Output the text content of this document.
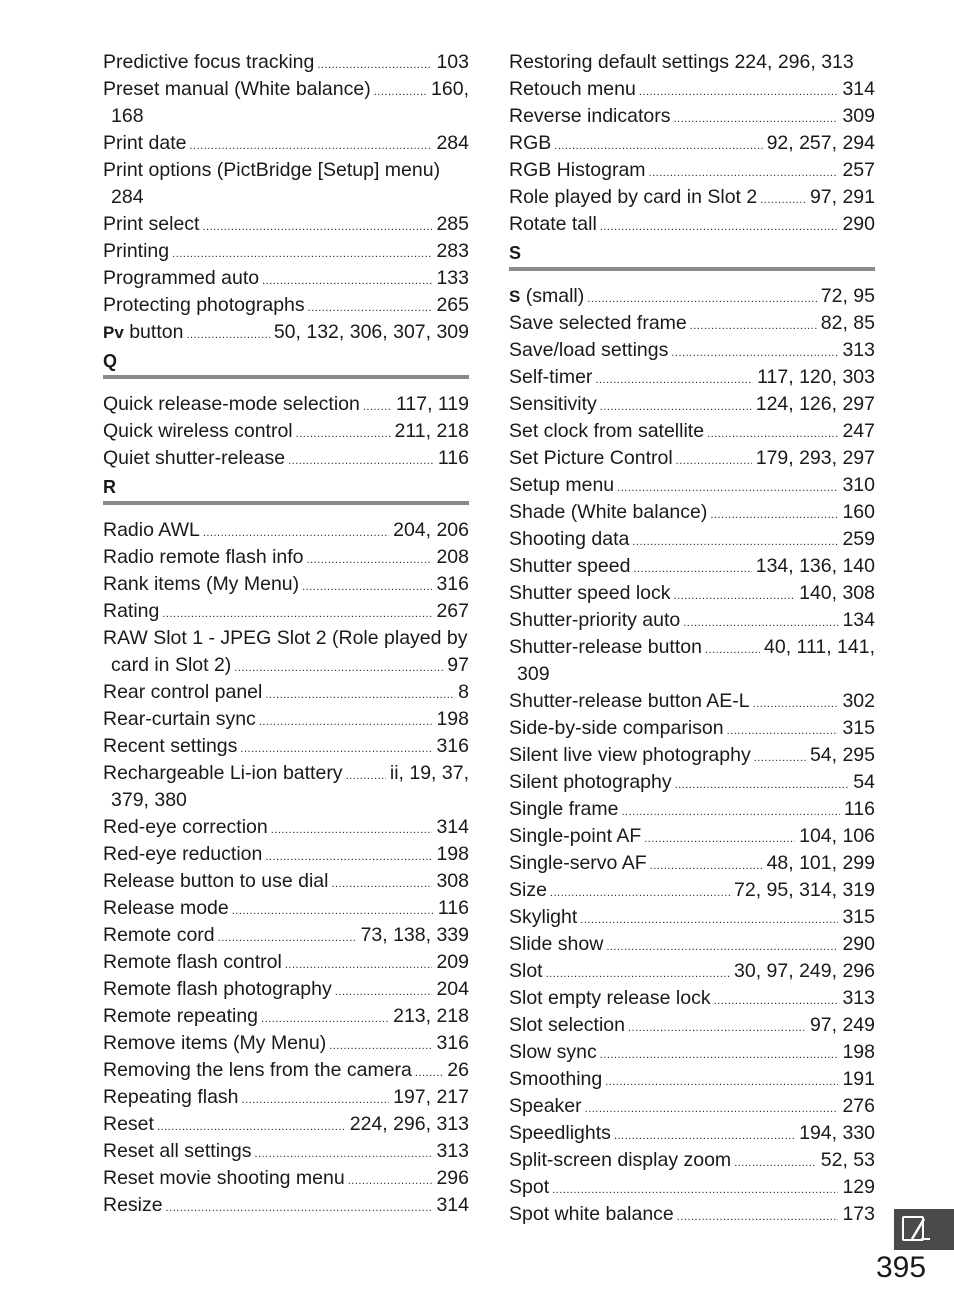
Predictive focus tracking .....	103
Preset manual (White balance) .....	160,
168
Print date .....	284
Print options (PictBridge [Setup] menu)
284
Print select .....	285
Printing .....	283
Programmed auto .....	133
Protecting photographs .....	265
Pv button .....	50, 132, 306, 307, 309
Q
Quick release-mode selection ..... 117, 119
Quick wireless control .....	211, 218
Quiet shutter-release .....	116
R
Radio AWL .....	204, 206
Radio remote flash info .....	208
Rank items (My Menu) .....	316
Rating .....	267
RAW Slot 1 - JPEG Slot 2 (Role played by
card in Slot 2) .....	97
Rear control panel .....	8
Rear-curtain sync .....	198
Recent settings .....	316
Rechargeable Li-ion battery ..... ii, 19, 37,
379, 380
Red-eye correction .....	314
Red-eye reduction .....	198
Release button to use dial .....	308
Release mode .....	116
Remote cord .....	73, 138, 339
Remote flash control .....	209
Remote flash photography .....	204
Remote repeating .....	213, 218
Remove items (My Menu) .....	316
Removing the lens from the camera ..... 26
Repeating flash .....	197, 217
Reset .....	224, 296, 313
Reset all settings .....	313
Reset movie shooting menu .....	296
Resize .....	314
Restoring default settings 224, 296, 313
Retouch menu .....	314
Reverse indicators .....	309
RGB .....	92, 257, 294
RGB Histogram .....	257
Role played by card in Slot 2 .....	97, 291
Rotate tall .....	290
S
S (small) .....	72, 95
Save selected frame .....	82, 85
Save/load settings .....	313
Self-timer .....	117, 120, 303
Sensitivity .....	124, 126, 297
Set clock from satellite .....	247
Set Picture Control .....	179, 293, 297
Setup menu .....	310
Shade (White balance) .....	160
Shooting data .....	259
Shutter speed .....	134, 136, 140
Shutter speed lock .....	140, 308
Shutter-priority auto .....	134
Shutter-release button .....	40, 111, 141,
309
Shutter-release button AE-L .....	302
Side-by-side comparison .....	315
Silent live view photography .....	54, 295
Silent photography .....	54
Single frame .....	116
Single-point AF .....	104, 106
Single-servo AF .....	48, 101, 299
Size .....	72, 95, 314, 319
Skylight .....	315
Slide show .....	290
Slot .....	30, 97, 249, 296
Slot empty release lock .....	313
Slot selection .....	97, 249
Slow sync .....	198
Smoothing .....	191
Speaker .....	276
Speedlights .....	194, 330
Split-screen display zoom .....	52, 53
Spot .....	129
Spot white balance .....	173
395
